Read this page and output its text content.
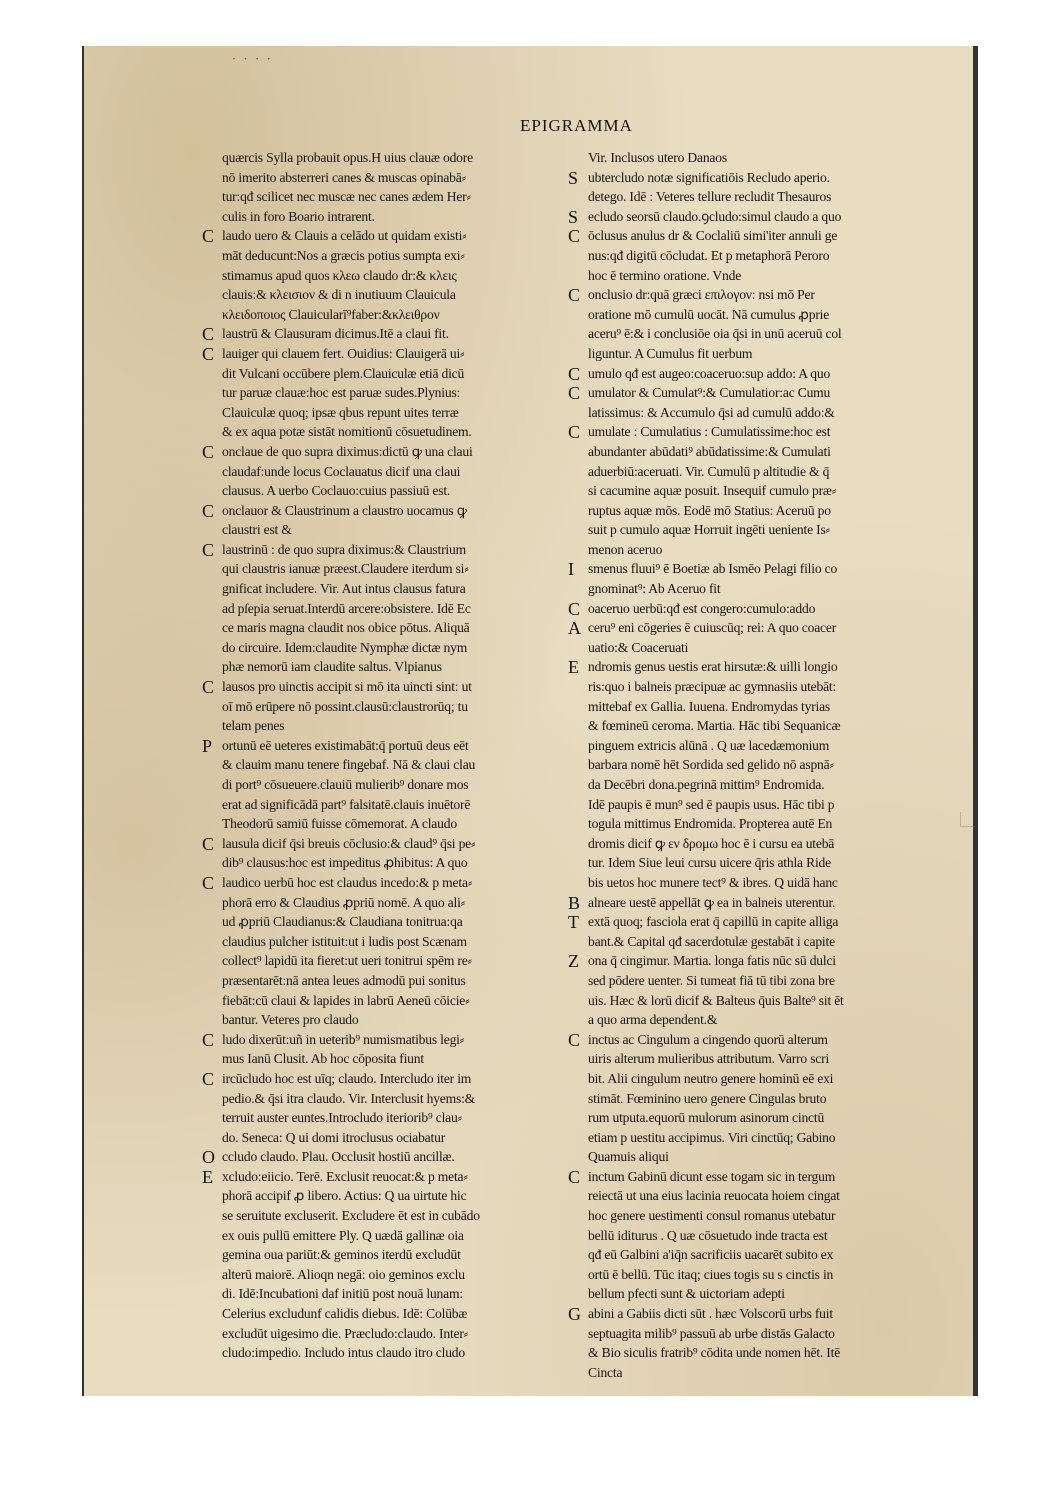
· · · ·
EPIGRAMMA
quærcis Sylla probauit opus.H uius clauæ odore
nō imerito absterreri canes & muscas opinabā⸗
tur:qđ scilicet nec muscæ nec canes ædem Her⸗
culis in foro Boario intrarent.
C laudo uero & Clauis a celādo ut quidam existi⸗
māt deducunt:Nos a græcis potius sumpta exi⸗
stimamus apud quos κλεω claudo dr:& κλεις
clauis:& κλεισιον & di n inutiuum Clauicula
κλειδοποιος Clauicularī⁹faber:&κλειθρον
C laustrū & Clausuram dicimus.Itē a claui fit.
C lauiger qui clauem fert. Ouidius: Clauigerā ui⸗
dit Vulcani occūbere plem.Clauiculæ etiā dicū
tur paruæ clauæ:hoc est paruæ sudes.Plynius:
Clauiculæ quoq; ipsæ qbus repunt uites terræ
& ex aqua potæ sistāt nomitionū cōsuetudinem.
C onclaue de quo supra diximus:dictū ꝙ una claui
claudaf:unde locus Coclauatus dicif una claui
clausus. A uerbo Coclauo:cuius passiuū est.
C onclauor & Claustrinum a claustro uocamus ꝙ
claustri est &
C laustrinū : de quo supra diximus:& Claustrium
qui claustris ianuæ præest.Claudere iterdum si⸗
gnificat includere. Vir. Aut intus clausus fatura
ad pſepia seruat.Interdū arcere:obsistere. Idē Ec
ce maris magna claudit nos obice pōtus. Aliquā
do circuire. Idem:claudite Nymphæ dictæ nym
phæ nemorū iam claudite saltus. Vlpianus
C lausos pro uinctis accipit si mō ita uincti sint: ut
oī mō erūpere nō possint.clausū:claustrorūq; tu
telam penes
P ortunū eē ueteres existimabāt:q̄ portuū deus eēt
& clauim manu tenere fingebaf. Nā & claui clau
di port⁹ cōsueuere.clauiū mulierib⁹ donare mos
erat ad significādā part⁹ falsitatē.clauis inuētorē
Theodorū samiū fuisse cōmemorat. A claudo
C lausula dicif q̄si breuis cōclusio:& claud⁹ q̄si pe⸗
dib⁹ clausus:hoc est impeditus ꝓhibitus: A quo
C laudico uerbū hoc est claudus incedo:& p meta⸗
phorā erro & Claudius ꝓpriū nomē. A quo ali⸗
ud ꝓpriū Claudianus:& Claudiana tonitrua:qa
claudius pulcher istituit:ut i ludis post Scænam
collect⁹ lapidū ita fieret:ut ueri tonitrui spēm re⸗
præsentarēt:nā antea leues admodū pui sonitus
fiebāt:cū claui & lapides in labrū Aeneū cōicie⸗
bantur. Veteres pro claudo
C ludo dixerūt:uñ in ueterib⁹ numismatibus legi⸗
mus Ianū Clusit. Ab hoc cōposita fiunt
C ircūcludo hoc est uīq; claudo. Intercludo iter im
pedio.& q̄si itra claudo. Vir. Interclusit hyems:&
terruit auster euntes.Introcludo iteriorib⁹ clau⸗
do. Seneca: Q ui domi itroclusus ociabatur
O ccludo claudo. Plau. Occlusit hostiū ancillæ.
E xcludo:eiicio. Terē. Exclusit reuocat:& p meta⸗
phorā accipif ꝓ libero. Actius: Q ua uirtute hic
se seruitute excluserit. Excludere ēt est in cubādo
ex ouis pullū emittere Ply. Q uædā gallinæ oia
gemina oua pariūt:& geminos iterdū excludūt
alterū maiorē. Alioqn negā: oio geminos exclu
di. Idē:Incubationi daf initiū post nouā lunam:
Celerius excludunf calidis diebus. Idē: Colūbæ
excludūt uigesimo die. Præcludo:claudo. Inter⸗
cludo:impedio. Includo intus claudo itro cludo
Vir. Inclusos utero Danaos
S ubtercludo notæ significatiōis Recludo aperio.
detego. Idē : Veteres tellure recludit Thesauros
S ecludo seorsū claudo.ꝯcludo:simul claudo a quo
C ōclusus anulus dr & Coclaliū simi'iter annuli ge
nus:qđ digitū cōcludat. Et p metaphorā Peroro
hoc ē termino oratione. Vnde
C onclusio dr:quā græci επιλογον: nsi mō Per
oratione mō cumulū uocāt. Nā cumulus ꝓprie
aceru⁹ ē:& i conclusiōe oia q̄si in unū aceruū col
liguntur. A Cumulus fit uerbum
C umulo qđ est augeo:coaceruo:sup addo: A quo
C umulator & Cumulat⁹:& Cumulatior:ac Cumu
latissimus: & Accumulo q̄si ad cumulū addo:&
C umulate : Cumulatius : Cumulatissime:hoc est
abundanter abūdati⁹ abūdatissime:& Cumulati
aduerbiū:aceruati. Vir. Cumulū p altitudie & q̄
si cacumine aquæ posuit. Insequif cumulo præ⸗
ruptus aquæ mōs. Eodē mō Statius: Aceruū po
suit p cumulo aquæ Horruit ingēti ueniente Is⸗
menon aceruo
I	smenus fluui⁹ ē Boetiæ ab Ismēo Pelagi filio co
gnominat⁹: Ab Aceruo fit
C oaceruo uerbū:qđ est congero:cumulo:addo
A ceru⁹ eni cōgeries ē cuiuscūq; rei: A quo coacer
uatio:& Coaceruati
E ndromis genus uestis erat hirsutæ:& uilli longio
ris:quo i balneis præcipuæ ac gymnasiis utebāt:
mittebaf ex Gallia. Iuuena. Endromydas tyrias
& fœmineū ceroma. Martia. Hāc tibi Sequanicæ
pinguem extricis alūnā . Q uæ lacedæmonium
barbara nomē hēt Sordida sed gelido nō aspnā⸗
da Decēbri dona.pegrinā mittim⁹ Endromida.
Idē paupis ē mun⁹ sed ē paupis usus. Hāc tibi p
togula mittimus Endromida. Propterea autē En
dromis dicif ꝙ εν δρομω hoc ē i cursu ea utebā
tur. Idem Siue leui cursu uicere q̄ris athla Ride
bis uetos hoc munere tect⁹ & ibres. Q uidā hanc
B alneare uestē appellāt ꝙ ea in balneis uterentur.
T extā quoq; fasciola erat q̄ capillū in capite alliga
bant.& Capital qđ sacerdotulæ gestabāt i capite
Z ona q̄ cingimur. Martia. longa fatis nūc sū dulci
sed pōdere uenter. Si tumeat fiā tū tibi zona bre
uis. Hæc & lorū dicif & Balteus q̄uis Balte⁹ sit ēt
a quo arma dependent.&
C inctus ac Cingulum a cingendo quorū alterum
uiris alterum mulieribus attributum. Varro scri
bit. Alii cingulum neutro genere hominū eē exi
stimāt. Fœminino uero genere Cingulas bruto
rum utputa.equorū mulorum asinorum cinctū
etiam p uestitu accipimus. Viri cinctūq; Gabino
Quamuis aliqui
C inctum Gabinū dicunt esse togam sic in tergum
reiectā ut una eius lacinia reuocata hoiem cingat
hoc genere uestimenti consul romanus utebatur
bellū iditurus . Q uæ cōsuetudo inde tracta est
qđ eū Galbini a'iq̄n sacrificiis uacarēt subito ex
ortū ē bellū. Tūc itaq; ciues togis su s cinctis in
bellum pfecti sunt & uictoriam adepti
G abini a Gabiis dicti sūt . hæc Volscorū urbs fuit
septuagita milib⁹ passuū ab urbe distās Galacto
& Bio siculis fratrib⁹ cōdita unde nomen hēt. Itē
Cincta
